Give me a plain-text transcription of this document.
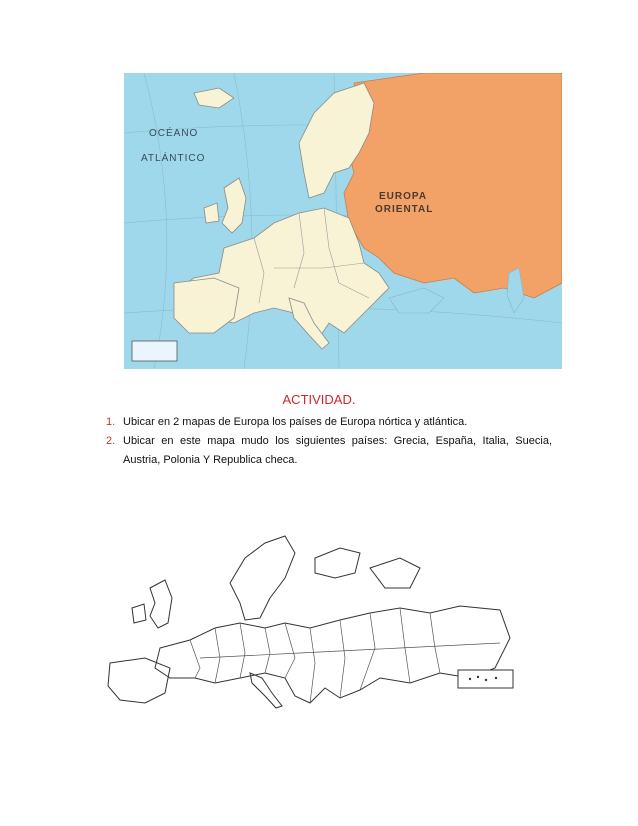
OCÉANO
ATLÁNTICO
EUROPA
ORIENTAL
ACTIVIDAD.
1. Ubicar en 2 mapas de Europa los países de Europa nórtica y atlántica.
2. Ubicar en este mapa mudo los siguientes países: Grecia, España, Italia, Suecia, Austria, Polonia Y Republica checa.
